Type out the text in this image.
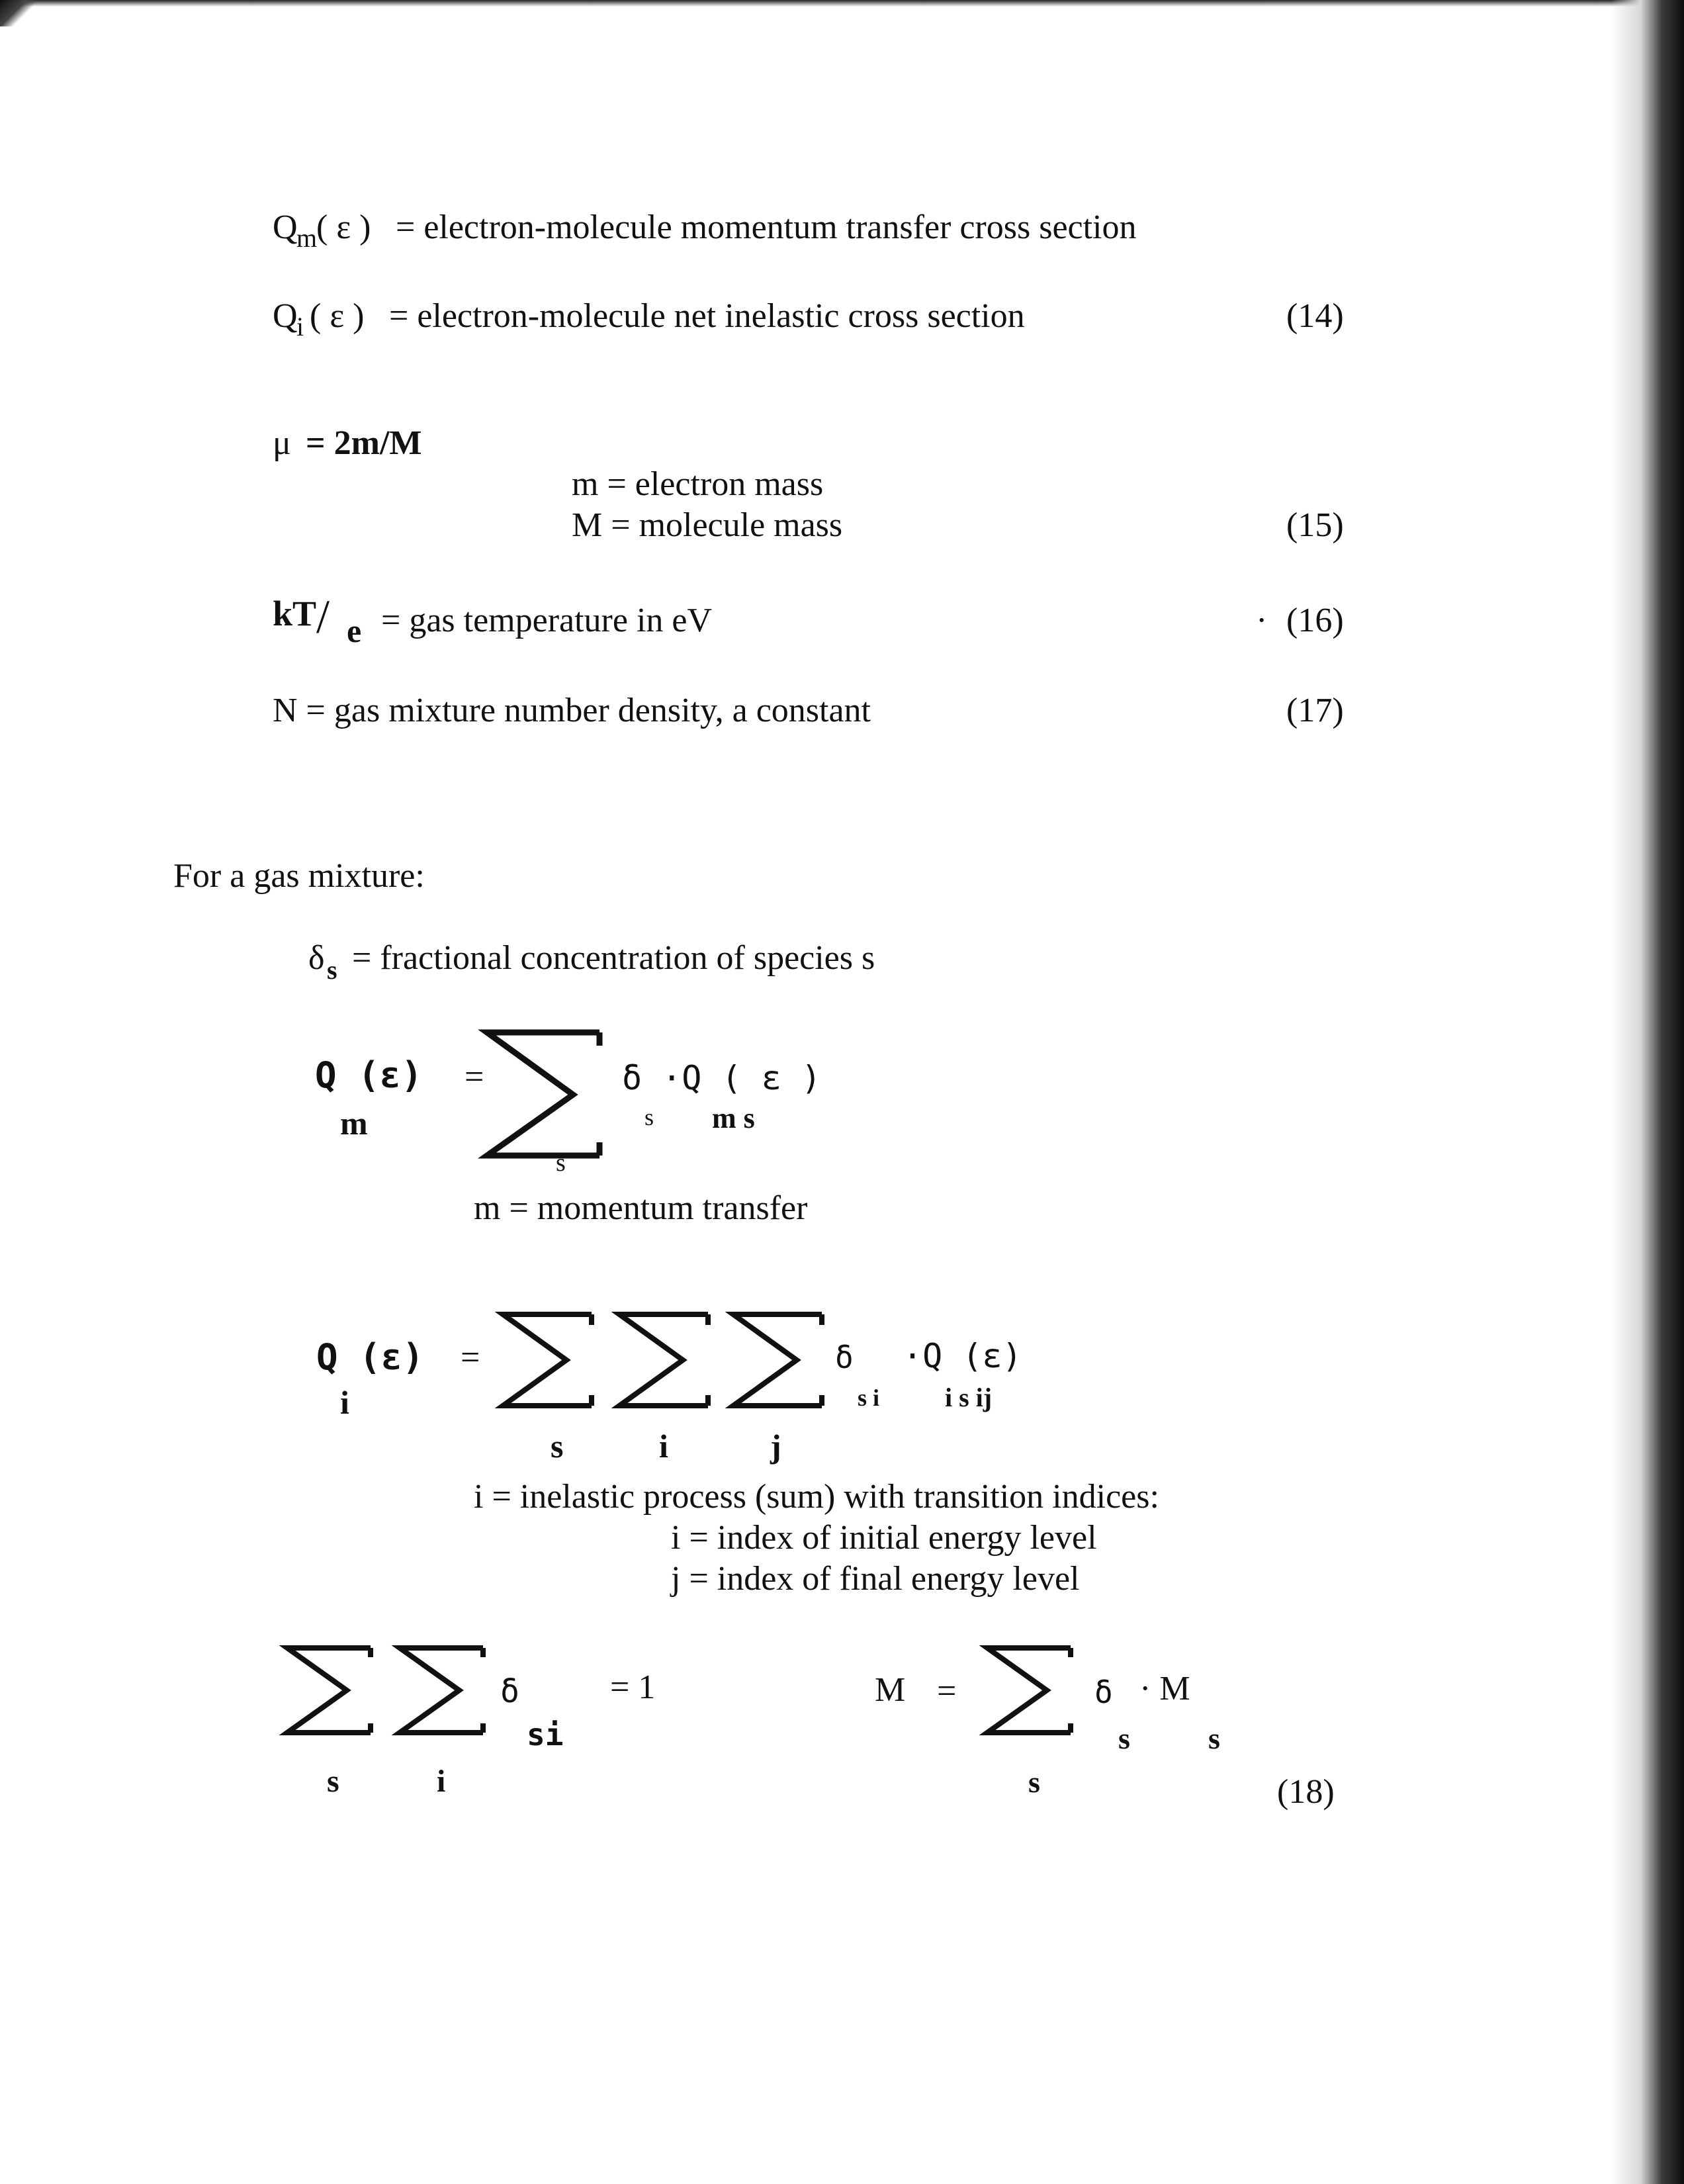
Q
m
( ε ) = electron-molecule momentum transfer cross section
Q
i ( ε ) = electron-molecule net inelastic cross section	(14)
μ = 2m/M
m = electron mass
M = molecule mass	(15)
kT / e = gas temperature in eV	· (16)
N = gas mixture number density, a constant	(17)
For a gas mixture:
δ s = fractional concentration of species s
Q (ε)
m
=	δ ·Q ( ε )
s m s
s
m = momentum transfer
Q (ε)
i
=	δ ·Q (ε)
s i i s ij
s	i	j
i = inelastic process (sum) with transition indices:
i = index of initial energy level
j = index of final energy level
δ
si
= 1
s	i
M =	δ · M
s	s
s	(18)
